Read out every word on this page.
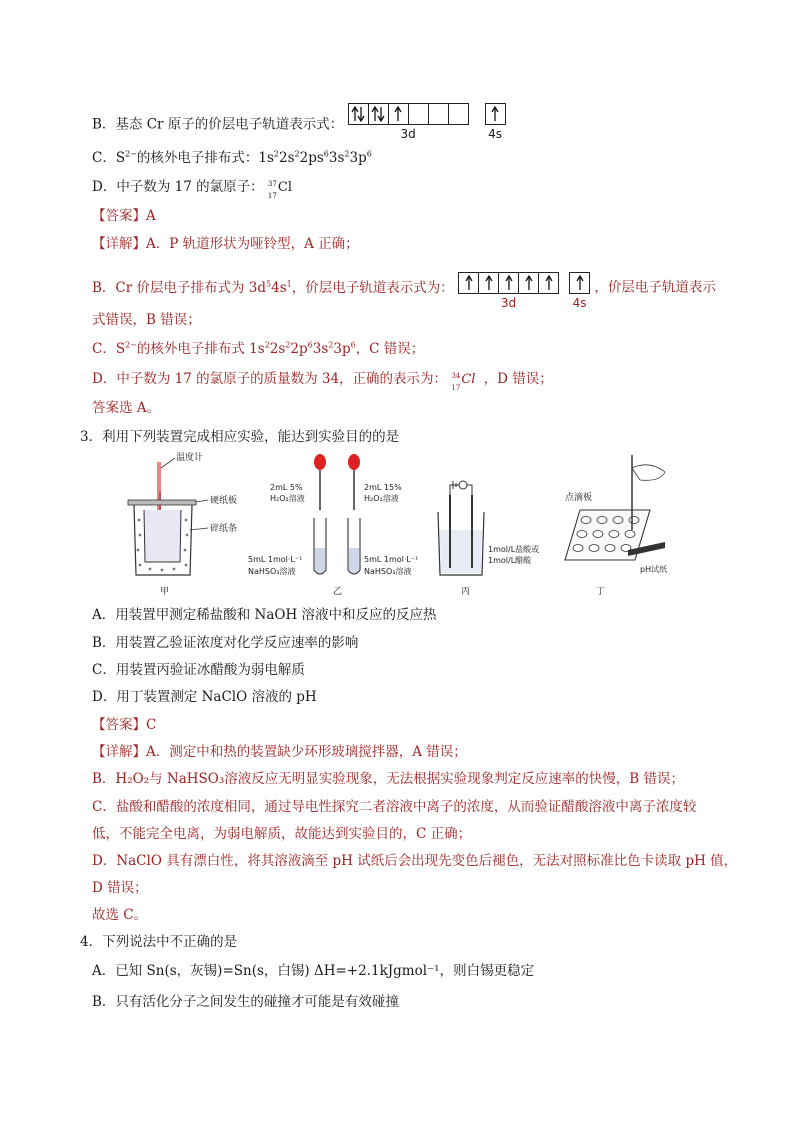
B．基态 Cr 原子的价层电子轨道表示式：
3d	4s
C．$S^{2-}$的核外电子排布式：$1s^22s^22ps^63s^23p^6$
D．中子数为 17 的氯原子： 37
17
Cl
【答案】A
【详解】A．P 轨道形状为哑铃型，A 正确；
B．Cr 价层电子排布式为 $3d^54s^1$，价层电子轨道表示式为：
3d	4s
，价层电子轨道表示
式错误，B 错误；
C．$S^{2-}$的核外电子排布式 $1s^22s^22p^63s^23p^6$，C 错误；
D．中子数为 17 的氯原子的质量数为 34，正确的表示为： 34
17
Cl ，D 错误；
答案选 A。
3．利用下列装置完成相应实验，能达到实验目的的是
温度计
硬纸板
碎纸条
甲
2mL 5%
H₂O₂溶液
2mL 15%
H₂O₂溶液
5mL 1mol·L⁻¹
NaHSO₃溶液
5mL 1mol·L⁻¹
NaHSO₃溶液
乙
1mol/L盐酸或
1mol/L醋酸
丙
点滴板
pH试纸
丁
A．用装置甲测定稀盐酸和 NaOH 溶液中和反应的反应热
B．用装置乙验证浓度对化学反应速率的影响
C．用装置丙验证冰醋酸为弱电解质
D．用丁装置测定 NaClO 溶液的 pH
【答案】C
【详解】A．测定中和热的装置缺少环形玻璃搅拌器，A 错误；
B．H₂O₂与 NaHSO₃溶液反应无明显实验现象，无法根据实验现象判定反应速率的快慢，B 错误；
C．盐酸和醋酸的浓度相同，通过导电性探究二者溶液中离子的浓度，从而验证醋酸溶液中离子浓度较
低，不能完全电离，为弱电解质，故能达到实验目的，C 正确；
D．NaClO 具有漂白性，将其溶液滴至 pH 试纸后会出现先变色后褪色，无法对照标准比色卡读取 pH 值，
D 错误；
故选 C。
4．下列说法中不正确的是
A．已知 Sn(s，灰锡)=Sn(s，白锡) ΔH=+2.1kJgmol⁻¹，则白锡更稳定
B．只有活化分子之间发生的碰撞才可能是有效碰撞
